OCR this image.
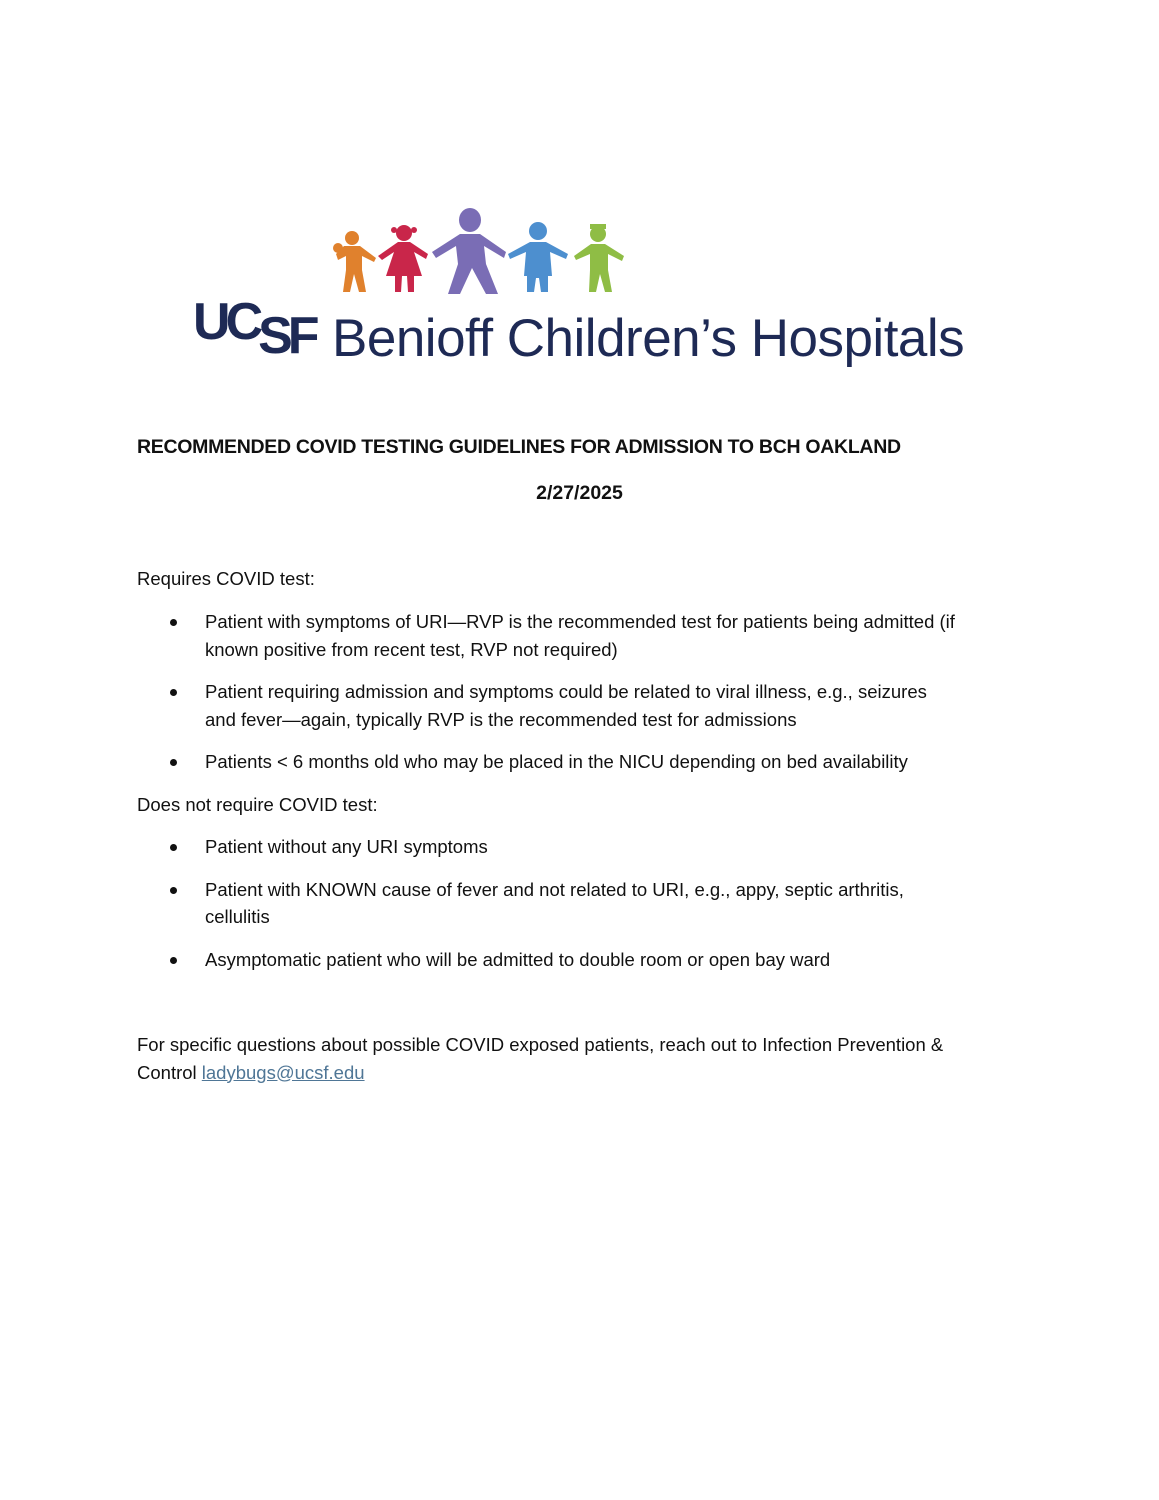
UCSF Benioff Children’s Hospitals
RECOMMENDED COVID TESTING GUIDELINES FOR ADMISSION TO BCH OAKLAND

2/27/2025

Requires COVID test:

Patient with symptoms of URI—RVP is the recommended test for patients being admitted (if
known positive from recent test, RVP not required)
Patient requiring admission and symptoms could be related to viral illness, e.g., seizures
and fever—again, typically RVP is the recommended test for admissions
Patients < 6 months old who may be placed in the NICU depending on bed availability

Does not require COVID test:

Patient without any URI symptoms
Patient with KNOWN cause of fever and not related to URI, e.g., appy, septic arthritis,
cellulitis
Asymptomatic patient who will be admitted to double room or open bay ward

For specific questions about possible COVID exposed patients, reach out to Infection Prevention &
Control ladybugs@ucsf.edu
